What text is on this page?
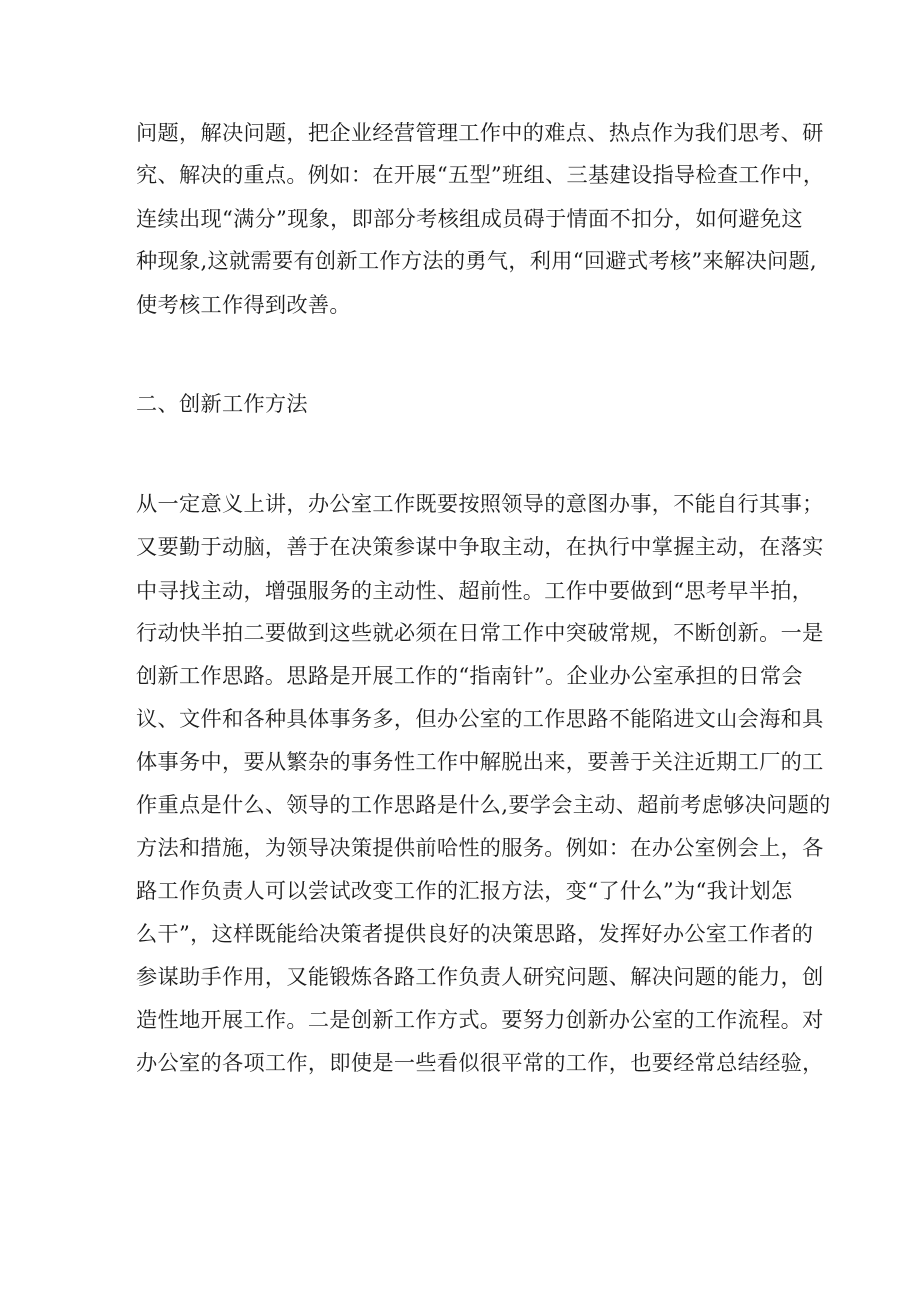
问题，解决问题，把企业经营管理工作中的难点、热点作为我们思考、研

究、解决的重点。例如：在开展“五型”班组、三基建设指导检查工作中，

连续出现“满分”现象，即部分考核组成员碍于情面不扣分，如何避免这

种现象,这就需要有创新工作方法的勇气，利用“回避式考核”来解决问题,

使考核工作得到改善。

二、创新工作方法

从一定意义上讲，办公室工作既要按照领导的意图办事，不能自行其事；

又要勤于动脑，善于在决策参谋中争取主动，在执行中掌握主动，在落实

中寻找主动，增强服务的主动性、超前性。工作中要做到“思考早半拍，

行动快半拍二要做到这些就必须在日常工作中突破常规，不断创新。一是

创新工作思路。思路是开展工作的“指南针”。企业办公室承担的日常会

议、文件和各种具体事务多，但办公室的工作思路不能陷进文山会海和具

体事务中，要从繁杂的事务性工作中解脱出来，要善于关注近期工厂的工

作重点是什么、领导的工作思路是什么,要学会主动、超前考虑够决问题的

方法和措施，为领导决策提供前哈性的服务。例如：在办公室例会上，各

路工作负责人可以尝试改变工作的汇报方法，变“了什么”为“我计划怎

么干”，这样既能给决策者提供良好的决策思路，发挥好办公室工作者的

参谋助手作用，又能锻炼各路工作负责人研究问题、解决问题的能力，创

造性地开展工作。二是创新工作方式。要努力创新办公室的工作流程。对

办公室的各项工作，即使是一些看似很平常的工作，也要经常总结经验，
